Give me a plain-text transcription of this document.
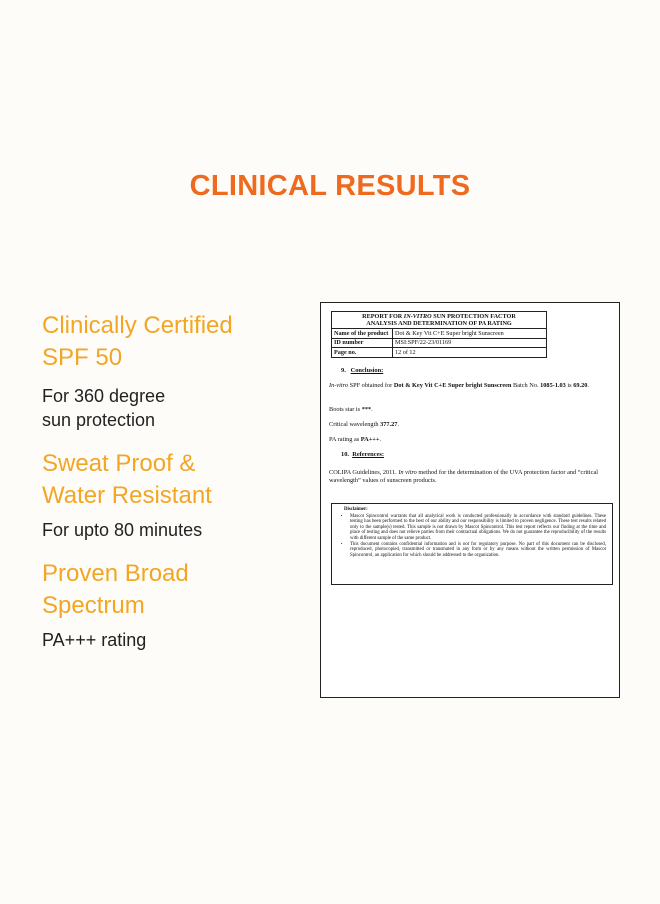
CLINICAL RESULTS
Clinically Certified
SPF 50
For 360 degree
sun protection
Sweat Proof &
Water Resistant
For upto 80 minutes
Proven Broad
Spectrum
PA+++ rating
REPORT FOR IN-VITRO SUN PROTECTION FACTOR
ANALYSIS AND DETERMINATION OF PA RATING	
Name of the product	Dot & Key Vit C+E Super bright Sunscreen
ID number	MSI:SPF/22-23/01169
Page no.	12 of 12
9. Conclusion:
In-vitro SPF obtained for Dot & Key Vit C+E Super bright Sunscreen Batch No. 1085-1.03 is 69.20.
Boots star is ***.
Critical wavelength 377.27.
PA rating as PA+++.
10. References:
COLIPA Guidelines, 2011. In vitro method for the determination of the UVA protection factor and “critical wavelength” values of sunscreen products.
Disclaimer:
• Mascot Spincontrol warrants that all analytical work is conducted professionally in accordance with standard guidelines. These testing has been performed to the best of our ability and our responsibility is limited to proven negligence. These test results related only to the sample(s) tested. This sample is not drawn by Mascot Spincontrol. This test report reflects our finding at the time and place of testing and does not relieve parties from their contractual obligations. We do not guarantee the reproducibility of the results with different sample of the same product.
• This document contains confidential information and is not for regulatory purpose. No part of this document can be disclosed, reproduced, photocopied, transmitted or transmuted in any form or by any means without the written permission of Mascot Spincontrol, an application for which should be addressed to the organization.
